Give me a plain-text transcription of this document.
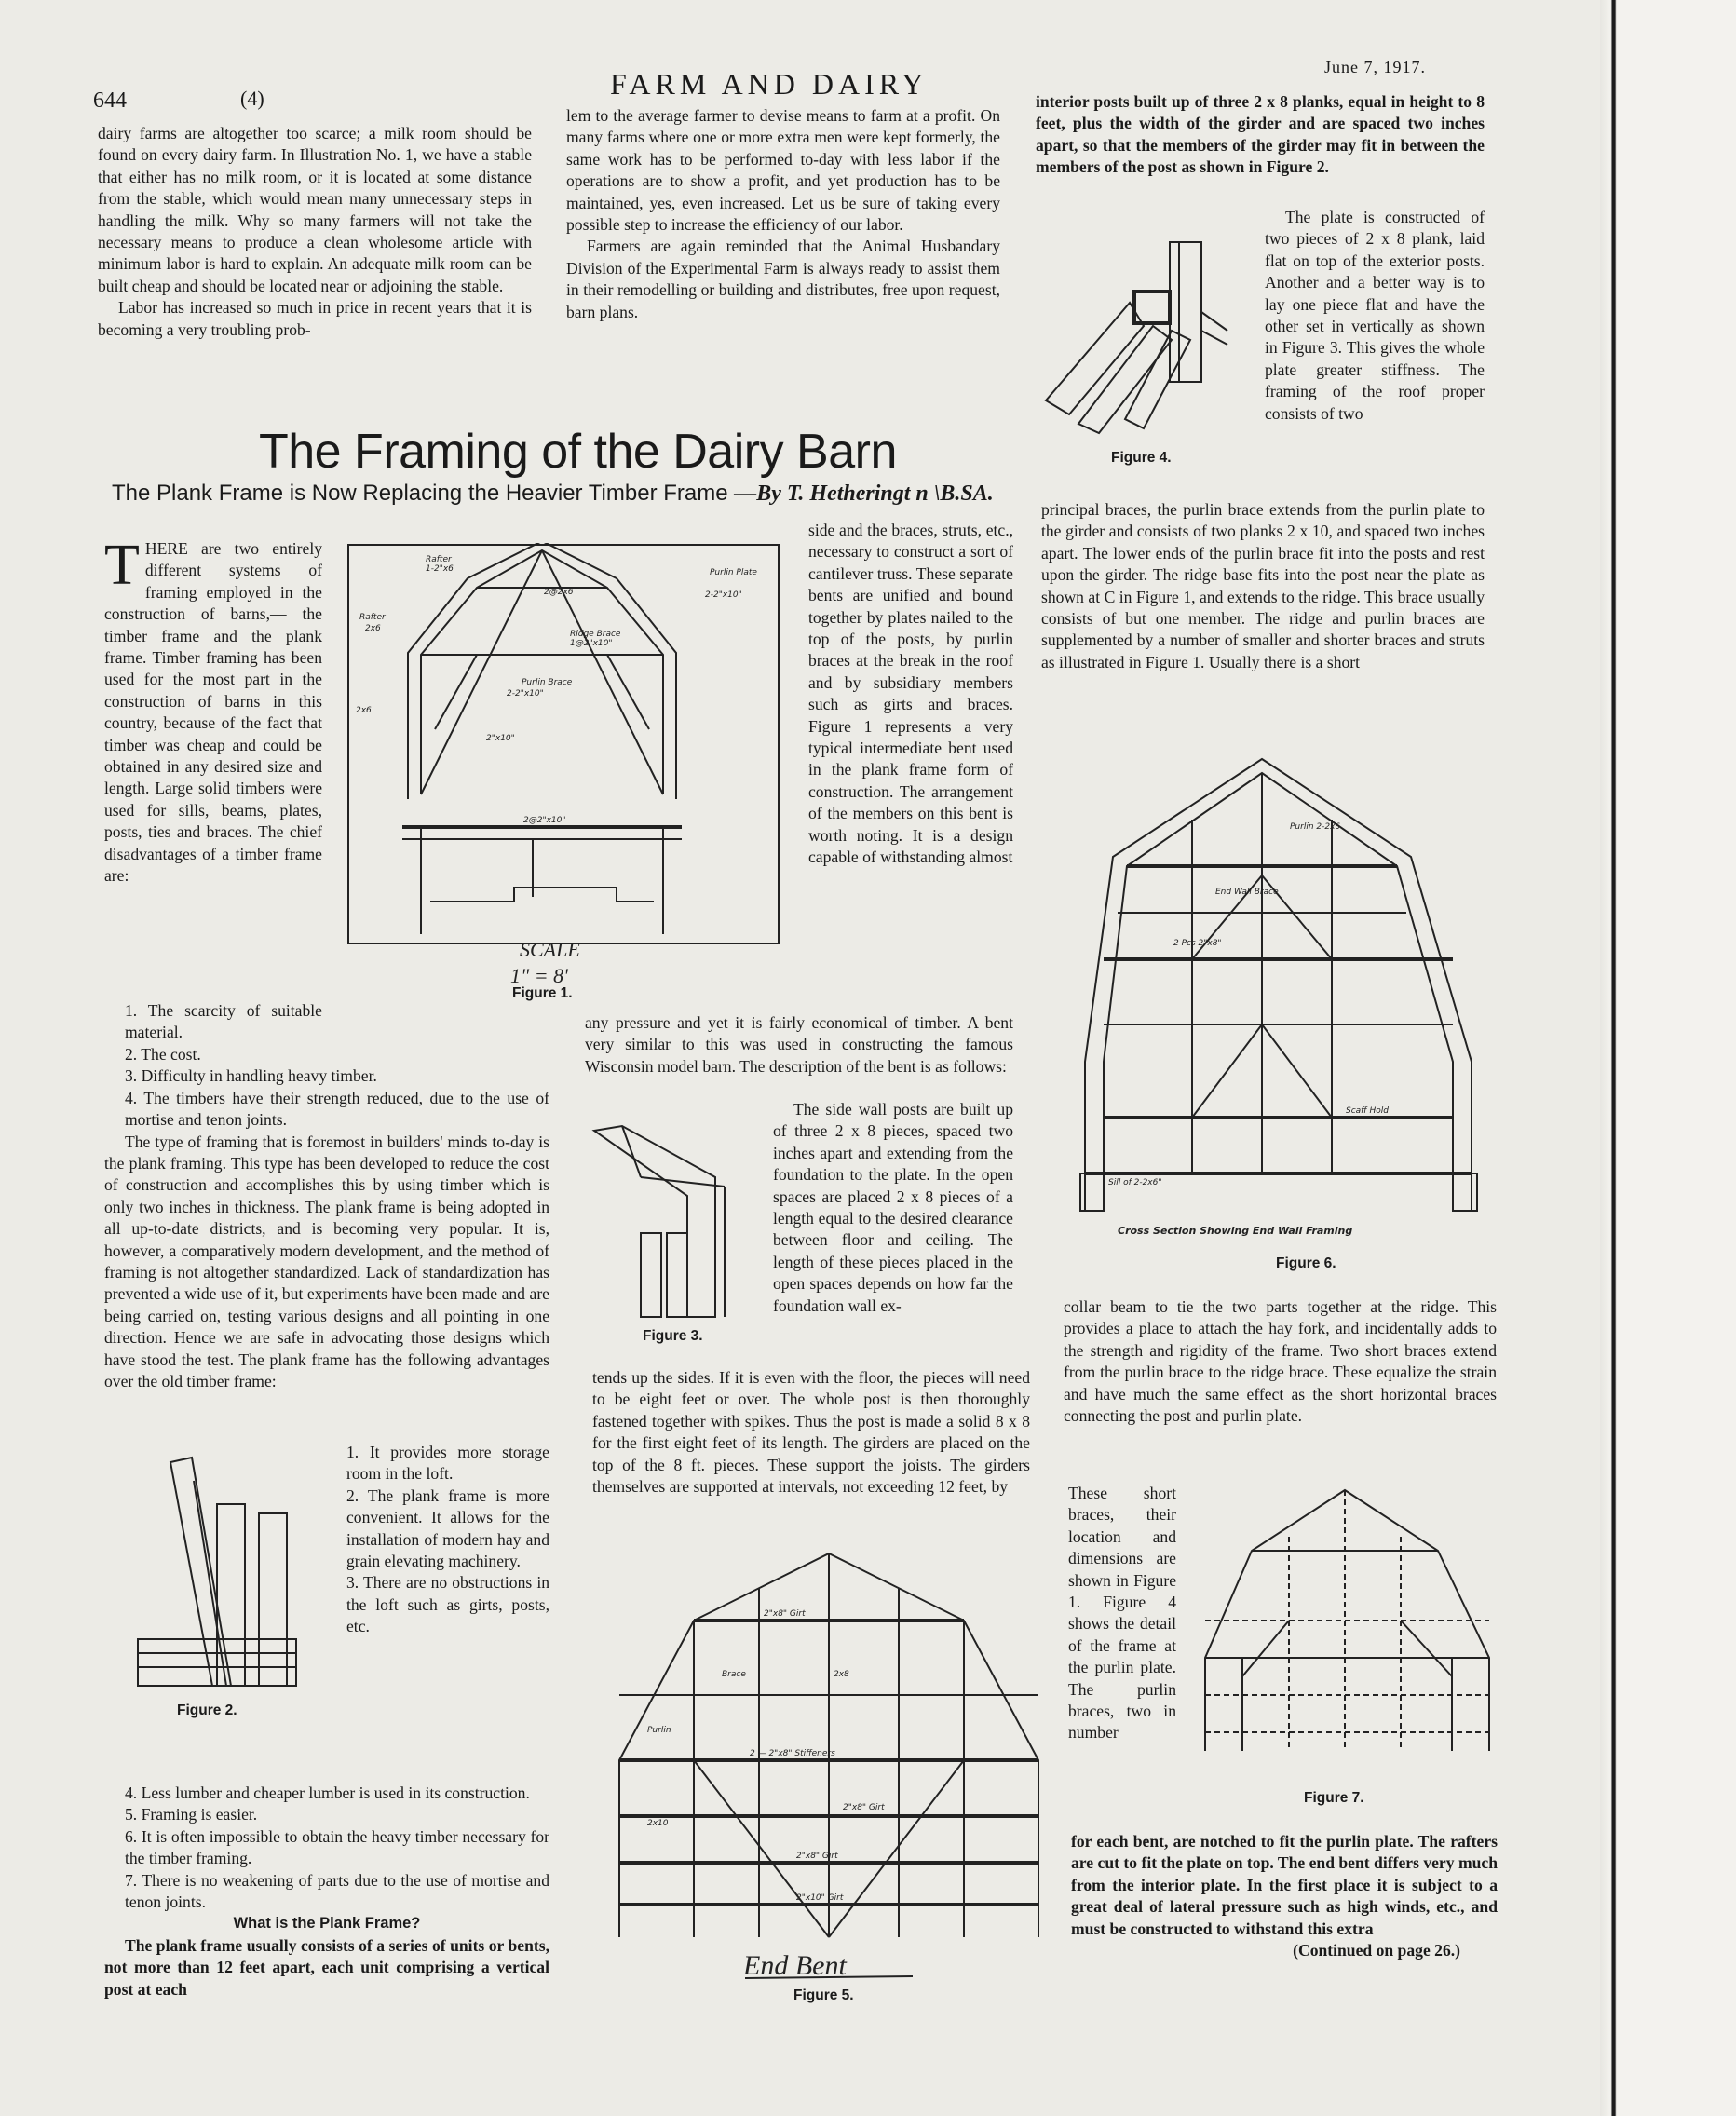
644	(4)	FARM AND DAIRY	June 7, 1917.

dairy farms are altogether too scarce; a milk room should be found on every dairy farm. In Illustration No. 1, we have a stable that either has no milk room, or it is located at some distance from the stable, which would mean many unnecessary steps in handling the milk. Why so many farmers will not take the necessary means to produce a clean wholesome article with minimum labor is hard to explain. An adequate milk room can be built cheap and should be located near or adjoining the stable.

Labor has increased so much in price in recent years that it is becoming a very troubling prob-

lem to the average farmer to devise means to farm at a profit. On many farms where one or more extra men were kept formerly, the same work has to be performed to-day with less labor if the operations are to show a profit, and yet production has to be maintained, yes, even increased. Let us be sure of taking every possible step to increase the efficiency of our labor.

Farmers are again reminded that the Animal Husbandary Division of the Experimental Farm is always ready to assist them in their remodelling or building and distributes, free upon request, barn plans.

interior posts built up of three 2 x 8 planks, equal in height to 8 feet, plus the width of the girder and are spaced two inches apart, so that the members of the girder may fit in between the members of the post as shown in Figure 2.

The plate is constructed of two pieces of 2 x 8 plank, laid flat on top of the exterior posts. Another and a better way is to lay one piece flat and have the other set in vertically as shown in Figure 3. This gives the whole plate greater stiffness. The framing of the roof proper consists of two

principal braces, the purlin brace extends from the purlin plate to the girder and consists of two planks 2 x 10, and spaced two inches apart. The lower ends of the purlin brace fit into the posts and rest upon the girder. The ridge base fits into the post near the plate as shown at C in Figure 1, and extends to the ridge. This brace usually consists of but one member. The ridge and purlin braces are supplemented by a number of smaller and shorter braces and struts as illustrated in Figure 1. Usually there is a short

Figure 4.
The Framing of the Dairy Barn
The Plank Frame is Now Replacing the Heavier Timber Frame —By T. Hetheringt n \B.SA.
Rafter
1-2"x6
Rafter
2x6
2@2x6
Ridge Brace
1@2"x10"
Purlin Plate
2-2"x10"
Purlin Brace
2-2"x10"
2x6
2"x10"
2@2"x10"
SCALE
1" = 8'
Figure 1.
T HERE are two entirely different systems of framing employed in the construction of barns,— the timber frame and the plank frame. Timber framing has been used for the most part in the construction of barns in this country, because of the fact that timber was cheap and could be obtained in any desired size and length. Large solid timbers were used for sills, beams, plates, posts, ties and braces. The chief disadvantages of a timber frame are:

1. The scarcity of suitable material.

2. The cost.

3. Difficulty in handling heavy timber.

4. The timbers have their strength reduced, due to the use of mortise and tenon joints.

The type of framing that is foremost in builders' minds to-day is the plank framing. This type has been developed to reduce the cost of construction and accomplishes this by using timber which is only two inches in thickness. The plank frame is being adopted in all up-to-date districts, and is becoming very popular. It is, however, a comparatively modern development, and the method of framing is not altogether standardized. Lack of standardization has prevented a wide use of it, but experiments have been made and are being carried on, testing various designs and all pointing in one direction. Hence we are safe in advocating those designs which have stood the test. The plank frame has the following advantages over the old timber frame:

Figure 2.

1. It provides more storage room in the loft.

2. The plank frame is more convenient. It allows for the installation of modern hay and grain elevating machinery.

3. There are no obstructions in the loft such as girts, posts, etc.

4. Less lumber and cheaper lumber is used in its construction.

5. Framing is easier.

6. It is often impossible to obtain the heavy timber necessary for the timber framing.

7. There is no weakening of parts due to the use of mortise and tenon joints.

What is the Plank Frame?

The plank frame usually consists of a series of units or bents, not more than 12 feet apart, each unit comprising a vertical post at each

side and the braces, struts, etc., necessary to construct a sort of cantilever truss. These separate bents are unified and bound together by plates nailed to the top of the posts, by purlin braces at the break in the roof and by subsidiary members such as girts and braces. Figure 1 represents a very typical intermediate bent used in the plank frame form of construction. The arrangement of the members on this bent is worth noting. It is a design capable of withstanding almost

any pressure and yet it is fairly economical of timber. A bent very similar to this was used in constructing the famous Wisconsin model barn. The description of the bent is as follows:

Figure 3.

The side wall posts are built up of three 2 x 8 pieces, spaced two inches apart and extending from the foundation to the plate. In the open spaces are placed 2 x 8 pieces of a length equal to the desired clearance between floor and ceiling. The length of these pieces placed in the open spaces depends on how far the foundation wall ex-

tends up the sides. If it is even with the floor, the pieces will need to be eight feet or over. The whole post is then thoroughly fastened together with spikes. Thus the post is made a solid 8 x 8 for the first eight feet of its length. The girders are placed on the top of the 8 ft. pieces. These support the joists. The girders themselves are supported at intervals, not exceeding 12 feet, by

2"x8" Girt
2 — 2"x8" Stiffeners
2"x8" Girt
2"x8" Girt
2"x10" Girt
2x8
2x10
Purlin
Brace
End Bent
Figure 5.
Purlin 2-2x6
End Wall Brace
2 Pcs 2"x8"
Scaff Hold
Sill of 2-2x6"
Cross Section Showing End Wall Framing
Figure 6.

collar beam to tie the two parts together at the ridge. This provides a place to attach the hay fork, and incidentally adds to the strength and rigidity of the frame. Two short braces extend from the purlin brace to the ridge brace. These equalize the strain and have much the same effect as the short horizontal braces connecting the post and purlin plate.

These short braces, their location and dimensions are shown in Figure 1. Figure 4 shows the detail of the frame at the purlin plate. The purlin braces, two in number

Figure 7.

for each bent, are notched to fit the purlin plate. The rafters are cut to fit the plate on top. The end bent differs very much from the interior plate. In the first place it is subject to a great deal of lateral pressure such as high winds, etc., and must be constructed to withstand this extra

(Continued on page 26.)
